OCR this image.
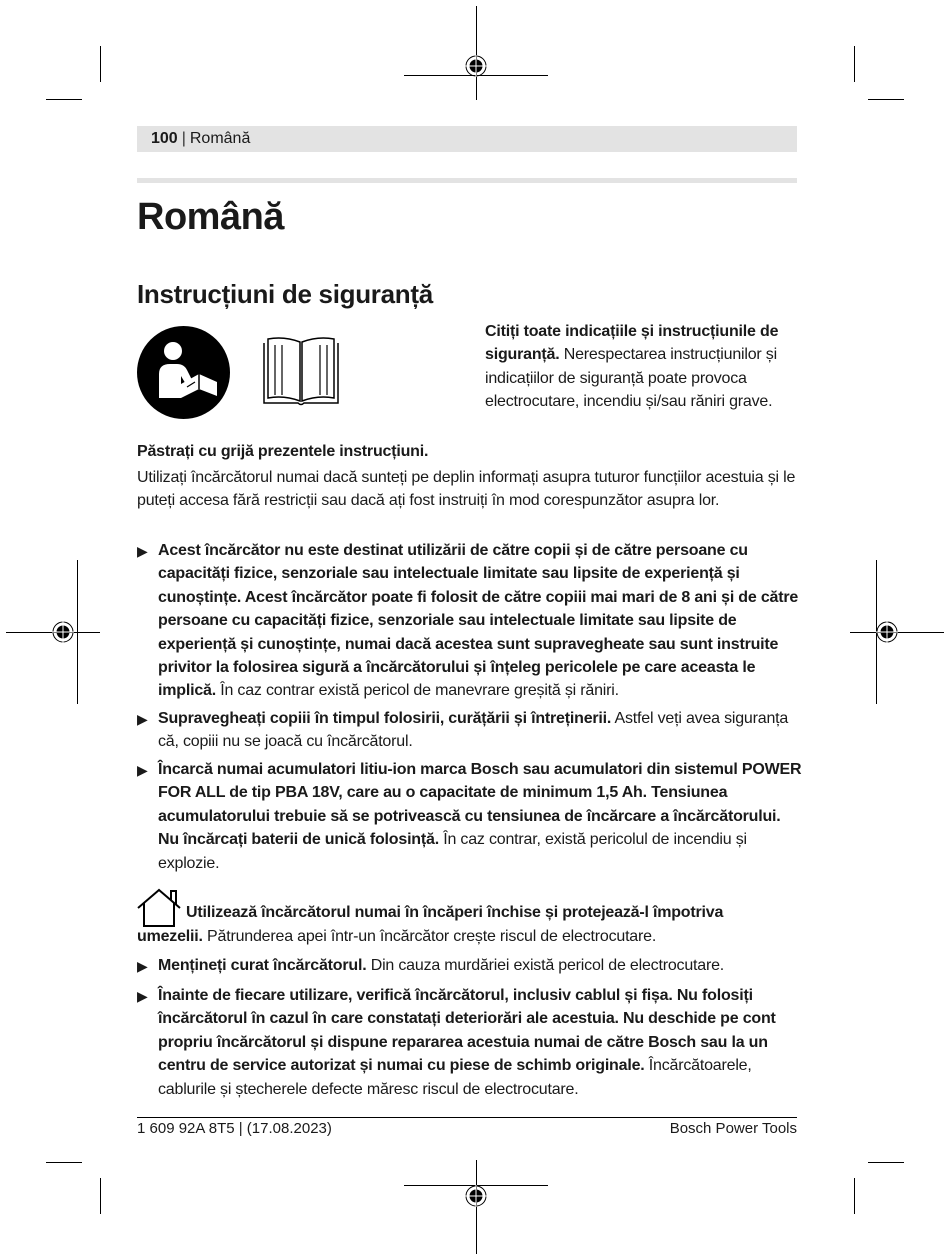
100 | Română
Română
Instrucțiuni de siguranță
Citiți toate indicațiile și instrucțiunile de siguranță. Nerespectarea instrucțiunilor și indicațiilor de siguranță poate provoca electrocutare, incendiu și/sau răniri grave.
Păstrați cu grijă prezentele instrucțiuni.
Utilizați încărcătorul numai dacă sunteți pe deplin informați asupra tuturor funcțiilor acestuia și le puteți accesa fără restricții sau dacă ați fost instruiți în mod corespunzător asupra lor.
▶ Acest încărcător nu este destinat utilizării de către copii și de către persoane cu capacități fizice, senzoriale sau intelectuale limitate sau lipsite de experiență și cunoștințe. Acest încărcător poate fi folosit de către copiii mai mari de 8 ani și de către persoane cu capacități fizice, senzoriale sau intelectuale limitate sau lipsite de experiență și cunoștințe, numai dacă acestea sunt supravegheate sau sunt instruite privitor la folosirea sigură a încărcătorului și înțeleg pericolele pe care aceasta le implică. În caz contrar există pericol de manevrare greșită și răniri.
▶ Supravegheați copiii în timpul folosirii, curățării și întreținerii. Astfel veți avea siguranța că, copiii nu se joacă cu încărcătorul.
▶ Încarcă numai acumulatori litiu-ion marca Bosch sau acumulatori din sistemul POWER FOR ALL de tip PBA 18V, care au o capacitate de minimum 1,5 Ah. Tensiunea acumulatorului trebuie să se potrivească cu tensiunea de încărcare a încărcătorului. Nu încărcați baterii de unică folosință. În caz contrar, există pericolul de incendiu și explozie.
Utilizează încărcătorul numai în încăperi închise și protejează-l împotriva
umezelii. Pătrunderea apei într-un încărcător crește riscul de electrocutare.
▶ Mențineți curat încărcătorul. Din cauza murdăriei există pericol de electrocutare.
▶ Înainte de fiecare utilizare, verifică încărcătorul, inclusiv cablul și fișa. Nu folosiți încărcătorul în cazul în care constatați deteriorări ale acestuia. Nu deschide pe cont propriu încărcătorul și dispune repararea acestuia numai de către Bosch sau la un centru de service autorizat și numai cu piese de schimb originale. Încărcătoarele, cablurile și ștecherele defecte măresc riscul de electrocutare.
1 609 92A 8T5 | (17.08.2023)	Bosch Power Tools
